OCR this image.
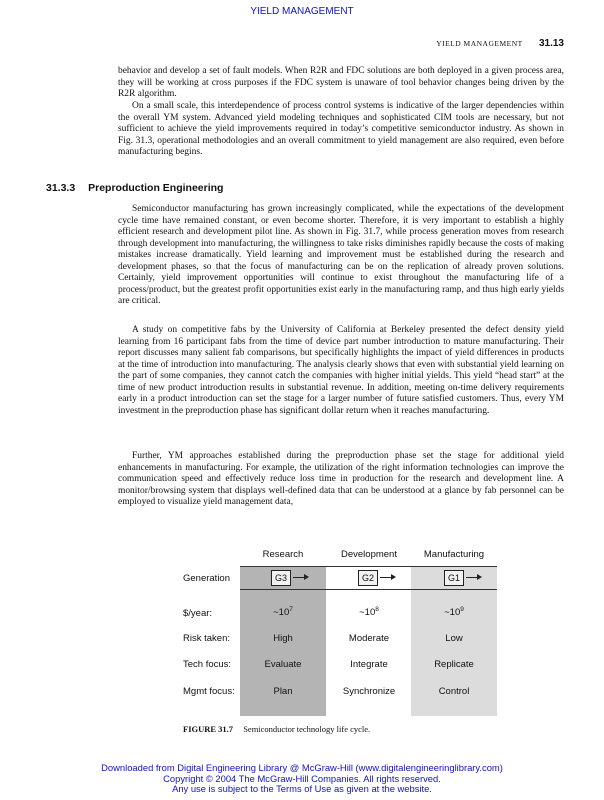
YIELD MANAGEMENT
YIELD MANAGEMENT 31.13

behavior and develop a set of fault models. When R2R and FDC solutions are both deployed in a given process area, they will be working at cross purposes if the FDC system is unaware of tool behavior changes being driven by the R2R algorithm.

On a small scale, this interdependence of process control systems is indicative of the larger dependencies within the overall YM system. Advanced yield modeling techniques and sophisticated CIM tools are necessary, but not sufficient to achieve the yield improvements required in today’s competitive semiconductor industry. As shown in Fig. 31.3, operational methodologies and an overall commitment to yield management are also required, even before manufacturing begins.

31.3.3 Preproduction Engineering

Semiconductor manufacturing has grown increasingly complicated, while the expectations of the development cycle time have remained constant, or even become shorter. Therefore, it is very important to establish a highly efficient research and development pilot line. As shown in Fig. 31.7, while process generation moves from research through development into manufacturing, the willingness to take risks diminishes rapidly because the costs of making mistakes increase dramatically. Yield learning and improvement must be established during the research and development phases, so that the focus of manufacturing can be on the replication of already proven solutions. Certainly, yield improvement opportunities will continue to exist throughout the manufacturing life of a process/product, but the greatest profit opportunities exist early in the manufacturing ramp, and thus high early yields are critical.

A study on competitive fabs by the University of California at Berkeley presented the defect density yield learning from 16 participant fabs from the time of device part number introduction to mature manufacturing. Their report discusses many salient fab comparisons, but specifically highlights the impact of yield differences in products at the time of introduction into manufacturing. The analysis clearly shows that even with substantial yield learning on the part of some companies, they cannot catch the companies with higher initial yields. This yield “head start” at the time of new product introduction results in substantial revenue. In addition, meeting on-time delivery requirements early in a product introduction can set the stage for a larger number of future satisfied customers. Thus, every YM investment in the preproduction phase has significant dollar return when it reaches manufacturing.

Further, YM approaches established during the preproduction phase set the stage for additional yield enhancements in manufacturing. For example, the utilization of the right information technologies can improve the communication speed and effectively reduce loss time in production for the research and development line. A monitor/browsing system that displays well-defined data that can be understood at a glance by fab personnel can be employed to visualize yield management data,

Research	Development	Manufacturing
Generation	G3	G2	G1
$/year:	$\sim 10^7$	$\sim 10^8$	$\sim 10^9$
Risk taken:	High	Moderate	Low
Tech focus:	Evaluate	Integrate	Replicate
Mgmt focus:	Plan	Synchronize	Control
FIGURE 31.7 Semiconductor technology life cycle.
Downloaded from Digital Engineering Library @ McGraw-Hill (www.digitalengineeringlibrary.com)
Copyright © 2004 The McGraw-Hill Companies. All rights reserved.
Any use is subject to the Terms of Use as given at the website.
